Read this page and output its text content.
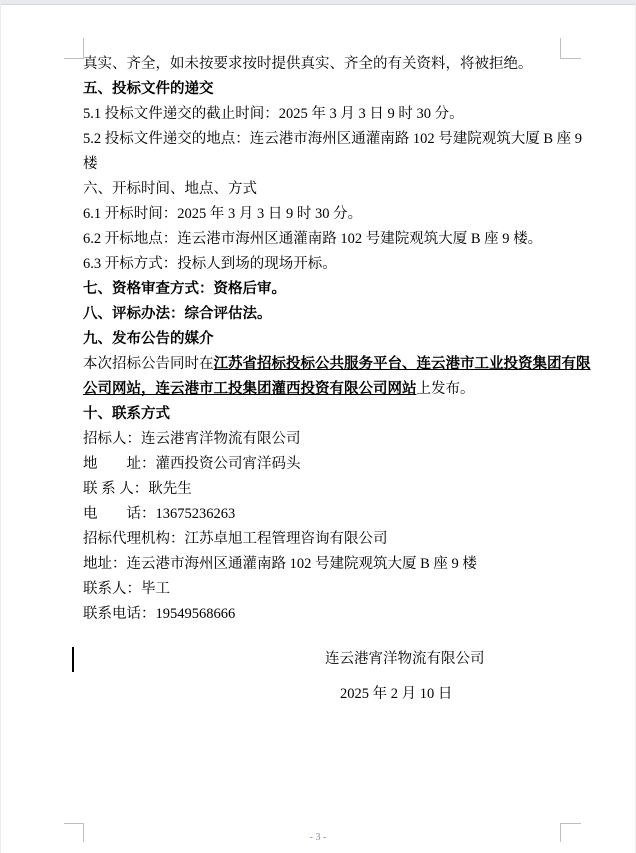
真实、齐全，如未按要求按时提供真实、齐全的有关资料，将被拒绝。

五、投标文件的递交

5.1 投标文件递交的截止时间：2025 年 3 月 3 日 9 时 30 分。

5.2 投标文件递交的地点：连云港市海州区通灌南路 102 号建院观筑大厦 B 座 9

楼

六、开标时间、地点、方式

6.1 开标时间：2025 年 3 月 3 日 9 时 30 分。

6.2 开标地点：连云港市海州区通灌南路 102 号建院观筑大厦 B 座 9 楼。

6.3 开标方式：投标人到场的现场开标。

七、资格审查方式：资格后审。

八、评标办法：综合评估法。

九、发布公告的媒介

本次招标公告同时在江苏省招标投标公共服务平台、连云港市工业投资集团有限

公司网站，连云港市工投集团灌西投资有限公司网站上发布。

十、联系方式

招标人：连云港宵洋物流有限公司

地　　址：灌西投资公司宵洋码头

联 系 人：耿先生

电　　话：13675236263

招标代理机构：江苏卓旭工程管理咨询有限公司

地址：连云港市海州区通灌南路 102 号建院观筑大厦 B 座 9 楼

联系人：毕工

联系电话：19549568666

连云港宵洋物流有限公司

2025 年 2 月 10 日

- 3 -
